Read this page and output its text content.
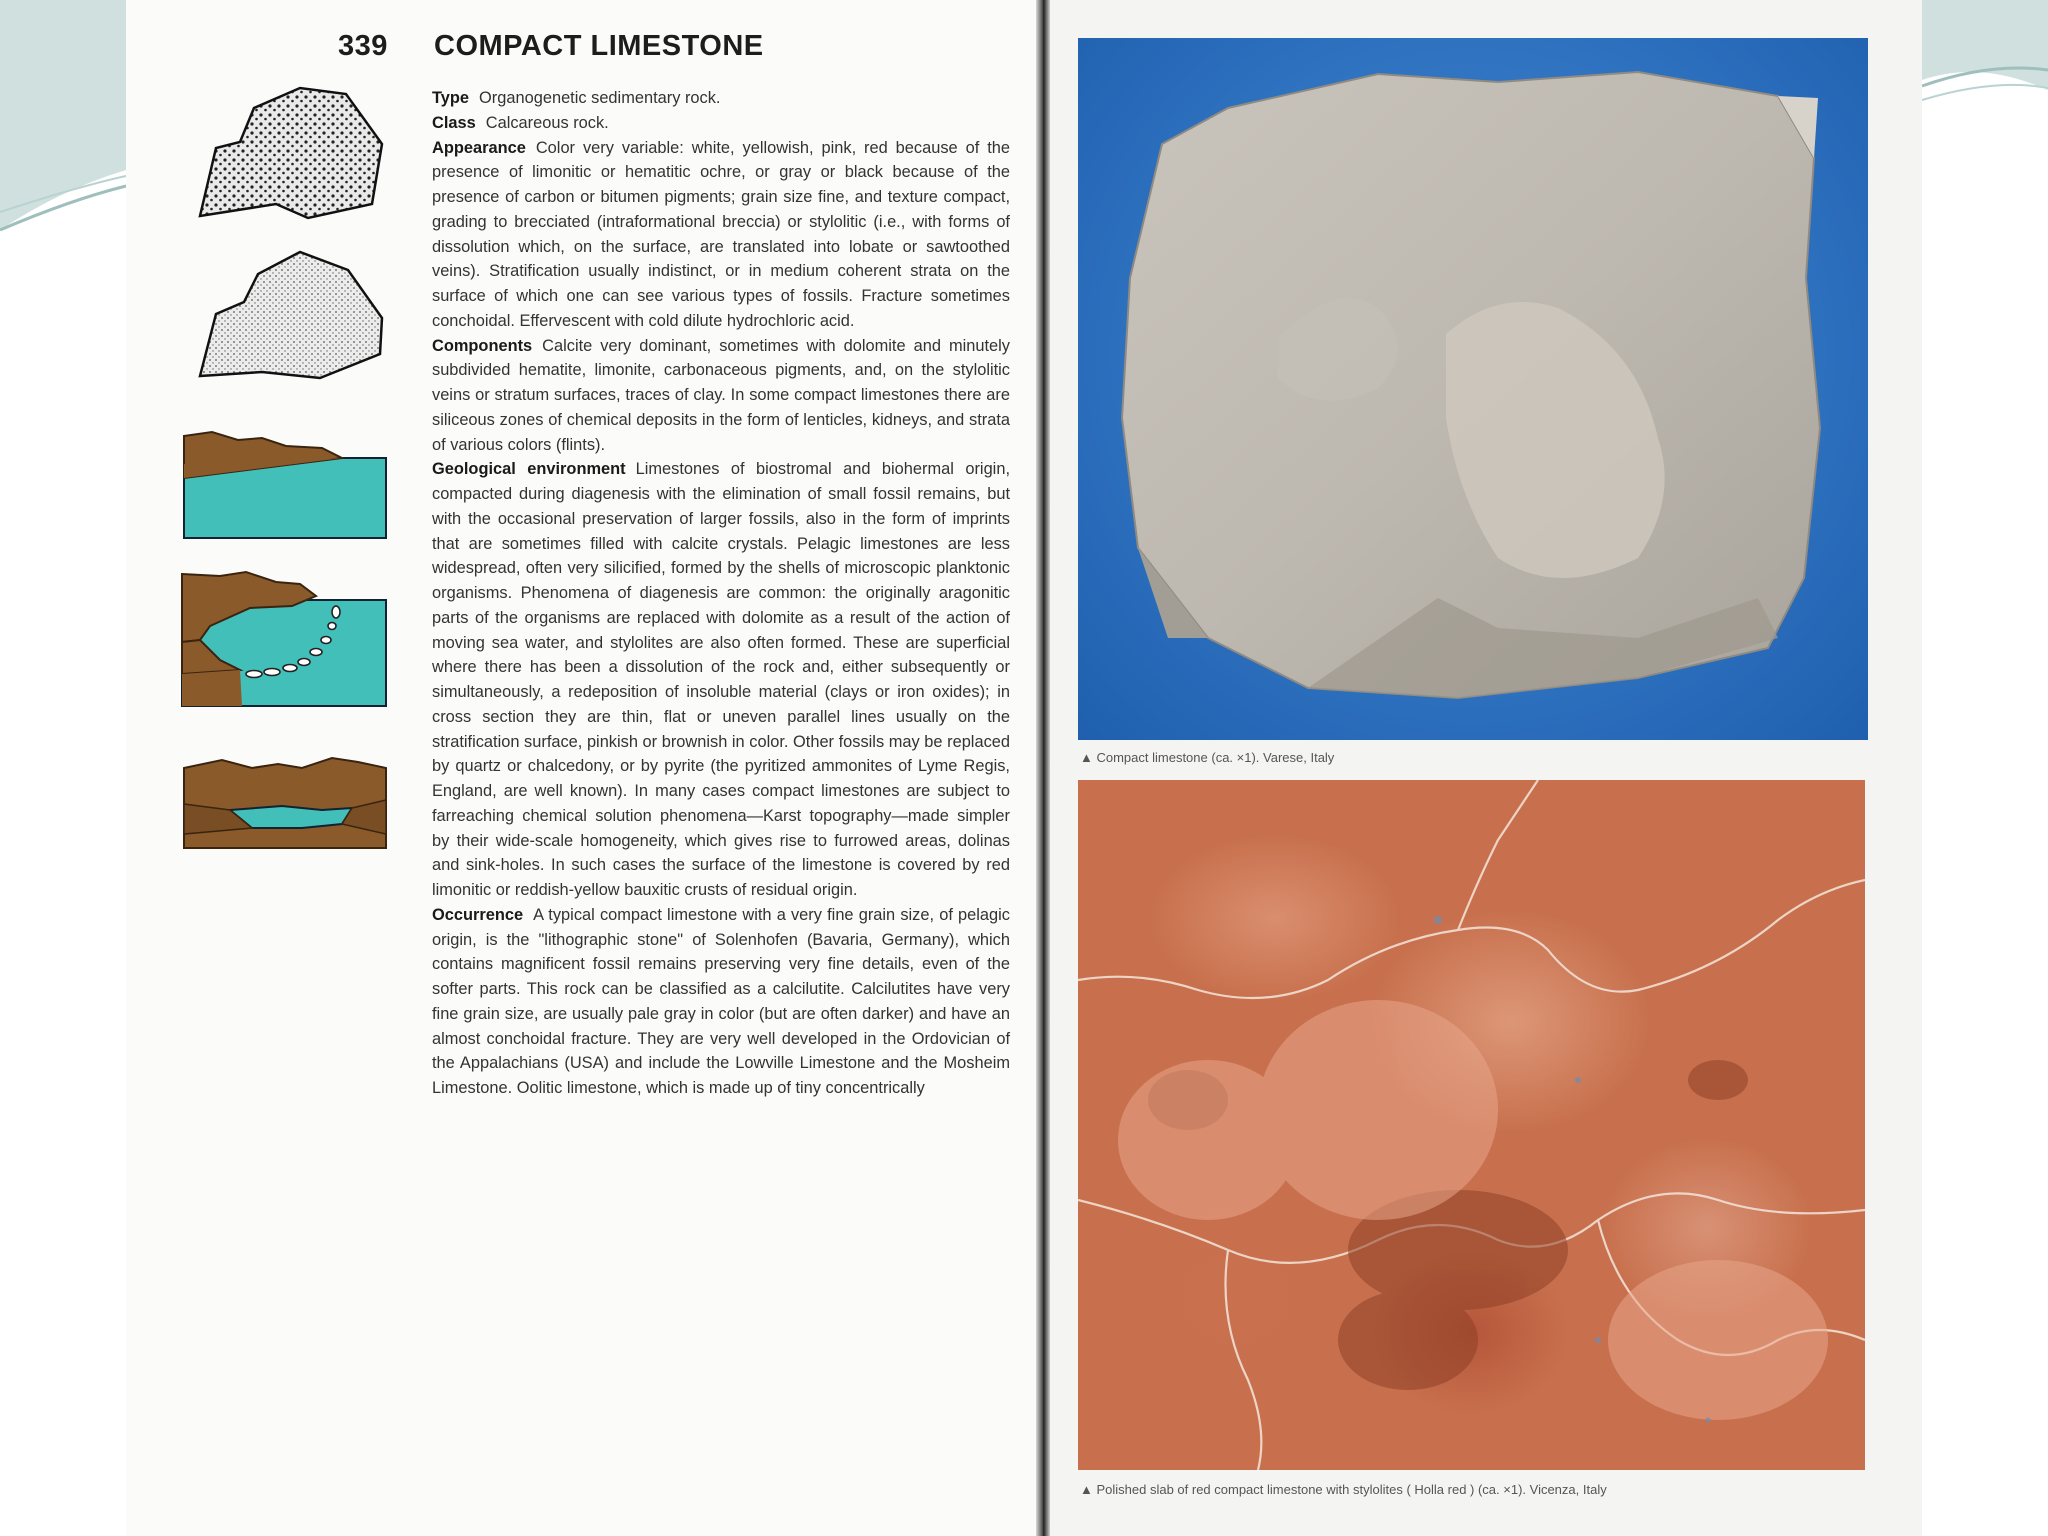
339 COMPACT LIMESTONE

Type Organogenetic sedimentary rock.

Class Calcareous rock.

Appearance Color very variable: white, yellowish, pink, red because of the presence of limonitic or hematitic ochre, or gray or black because of the presence of carbon or bitumen pigments; grain size fine, and texture compact, grading to brecciated (intraformational breccia) or stylolitic (i.e., with forms of dissolution which, on the surface, are translated into lobate or sawtoothed veins). Stratification usually indistinct, or in medium coherent strata on the surface of which one can see various types of fossils. Fracture sometimes conchoidal. Effervescent with cold dilute hydrochloric acid.

Components Calcite very dominant, sometimes with dolomite and minutely subdivided hematite, limonite, carbonaceous pigments, and, on the stylolitic veins or stratum surfaces, traces of clay. In some compact limestones there are siliceous zones of chemical deposits in the form of lenticles, kidneys, and strata of various colors (flints).

Geological environment Limestones of biostromal and biohermal origin, compacted during diagenesis with the elimination of small fossil remains, but with the occasional preservation of larger fossils, also in the form of imprints that are sometimes filled with calcite crystals. Pelagic limestones are less widespread, often very silicified, formed by the shells of microscopic planktonic organisms. Phenomena of diagenesis are common: the originally aragonitic parts of the organisms are replaced with dolomite as a result of the action of moving sea water, and stylolites are also often formed. These are superficial where there has been a dissolution of the rock and, either subsequently or simultaneously, a redeposition of insoluble material (clays or iron oxides); in cross section they are thin, flat or uneven parallel lines usually on the stratification surface, pinkish or brownish in color. Other fossils may be replaced by quartz or chalcedony, or by pyrite (the pyritized ammonites of Lyme Regis, England, are well known). In many cases compact limestones are subject to farreaching chemical solution phenomena—Karst topography—made simpler by their wide-scale homogeneity, which gives rise to furrowed areas, dolinas and sink-holes. In such cases the surface of the limestone is covered by red limonitic or reddish-yellow bauxitic crusts of residual origin.

Occurrence A typical compact limestone with a very fine grain size, of pelagic origin, is the "lithographic stone" of Solenhofen (Bavaria, Germany), which contains magnificent fossil remains preserving very fine details, even of the softer parts. This rock can be classified as a calcilutite. Calcilutites have very fine grain size, are usually pale gray in color (but are often darker) and have an almost conchoidal fracture. They are very well developed in the Ordovician of the Appalachians (USA) and include the Lowville Limestone and the Mosheim Limestone. Oolitic limestone, which is made up of tiny concentrically

▲ Compact limestone (ca. ×1). Varese, Italy
▲ Polished slab of red compact limestone with stylolites ( Holla red ) (ca. ×1). Vicenza, Italy
